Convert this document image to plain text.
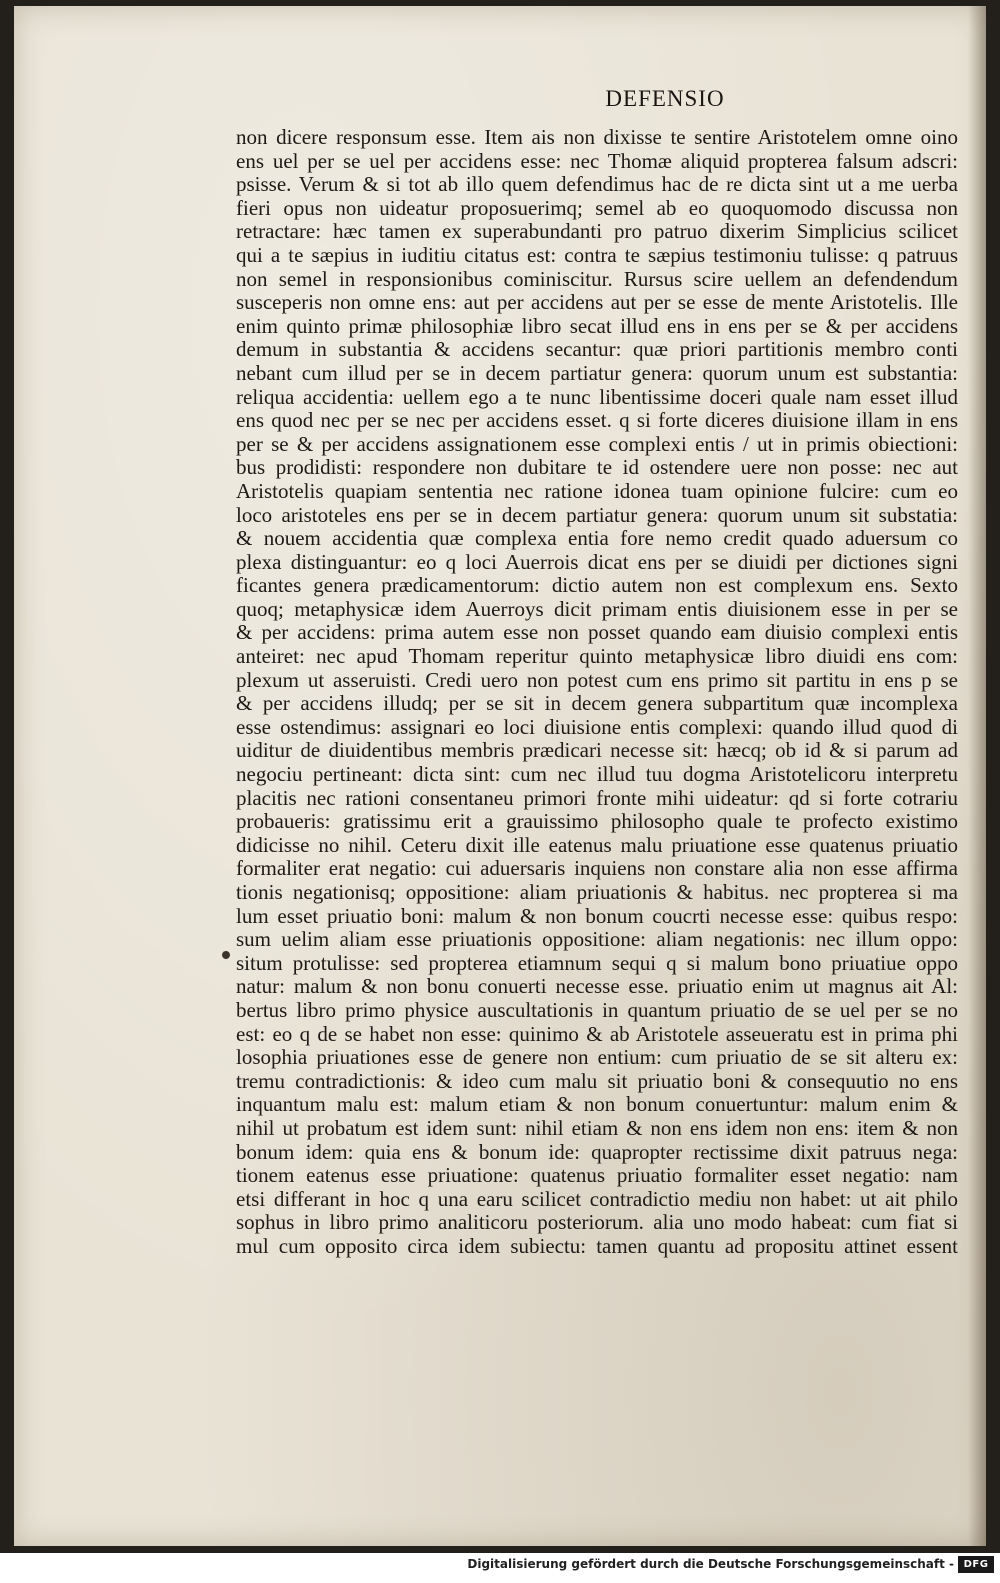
DEFENSIO
non dicere responsum esse. Item ais non dixisse te sentire Aristotelem omne oino
ens uel per se uel per accidens esse: nec Thomæ aliquid propterea falsum adscri:
psisse. Verum & si tot ab illo quem defendimus hac de re dicta sint ut a me uerba
fieri opus non uideatur proposuerimq; semel ab eo quoquomodo discussa non
retractare: hæc tamen ex superabundanti pro patruo dixerim Simplicius scilicet
qui a te sæpius in iuditiu citatus est: contra te sæpius testimoniu tulisse: q patruus
non semel in responsionibus cominiscitur. Rursus scire uellem an defendendum
susceperis non omne ens: aut per accidens aut per se esse de mente Aristotelis. Ille
enim quinto primæ philosophiæ libro secat illud ens in ens per se & per accidens
demum in substantia & accidens secantur: quæ priori partitionis membro conti
nebant cum illud per se in decem partiatur genera: quorum unum est substantia:
reliqua accidentia: uellem ego a te nunc libentissime doceri quale nam esset illud
ens quod nec per se nec per accidens esset. q si forte diceres diuisione illam in ens
per se & per accidens assignationem esse complexi entis / ut in primis obiectioni:
bus prodidisti: respondere non dubitare te id ostendere uere non posse: nec aut
Aristotelis quapiam sententia nec ratione idonea tuam opinione fulcire: cum eo
loco aristoteles ens per se in decem partiatur genera: quorum unum sit substatia:
& nouem accidentia quæ complexa entia fore nemo credit quado aduersum co
plexa distinguantur: eo q loci Auerrois dicat ens per se diuidi per dictiones signi
ficantes genera prædicamentorum: dictio autem non est complexum ens. Sexto
quoq; metaphysicæ idem Auerroys dicit primam entis diuisionem esse in per se
& per accidens: prima autem esse non posset quando eam diuisio complexi entis
anteiret: nec apud Thomam reperitur quinto metaphysicæ libro diuidi ens com:
plexum ut asseruisti. Credi uero non potest cum ens primo sit partitu in ens p se
& per accidens illudq; per se sit in decem genera subpartitum quæ incomplexa
esse ostendimus: assignari eo loci diuisione entis complexi: quando illud quod di
uiditur de diuidentibus membris prædicari necesse sit: hæcq; ob id & si parum ad
negociu pertineant: dicta sint: cum nec illud tuu dogma Aristotelicoru interpretu
placitis nec rationi consentaneu primori fronte mihi uideatur: qd si forte cotrariu
probaueris: gratissimu erit a grauissimo philosopho quale te profecto existimo
didicisse no nihil. Ceteru dixit ille eatenus malu priuatione esse quatenus priuatio
formaliter erat negatio: cui aduersaris inquiens non constare alia non esse affirma
tionis negationisq; oppositione: aliam priuationis & habitus. nec propterea si ma
lum esset priuatio boni: malum & non bonum coucrti necesse esse: quibus respo:
sum uelim aliam esse priuationis oppositione: aliam negationis: nec illum oppo:
situm protulisse: sed propterea etiamnum sequi q si malum bono priuatiue oppo
natur: malum & non bonu conuerti necesse esse. priuatio enim ut magnus ait Al:
bertus libro primo physice auscultationis in quantum priuatio de se uel per se no
est: eo q de se habet non esse: quinimo & ab Aristotele asseueratu est in prima phi
losophia priuationes esse de genere non entium: cum priuatio de se sit alteru ex:
tremu contradictionis: & ideo cum malu sit priuatio boni & consequutio no ens
inquantum malu est: malum etiam & non bonum conuertuntur: malum enim &
nihil ut probatum est idem sunt: nihil etiam & non ens idem non ens: item & non
bonum idem: quia ens & bonum ide: quapropter rectissime dixit patruus nega:
tionem eatenus esse priuatione: quatenus priuatio formaliter esset negatio: nam
etsi differant in hoc q una earu scilicet contradictio mediu non habet: ut ait philo
sophus in libro primo analiticoru posteriorum. alia uno modo habeat: cum fiat si
mul cum opposito circa idem subiectu: tamen quantu ad propositu attinet essent
Digitalisierung gefördert durch die Deutsche Forschungsgemeinschaft - DFG
